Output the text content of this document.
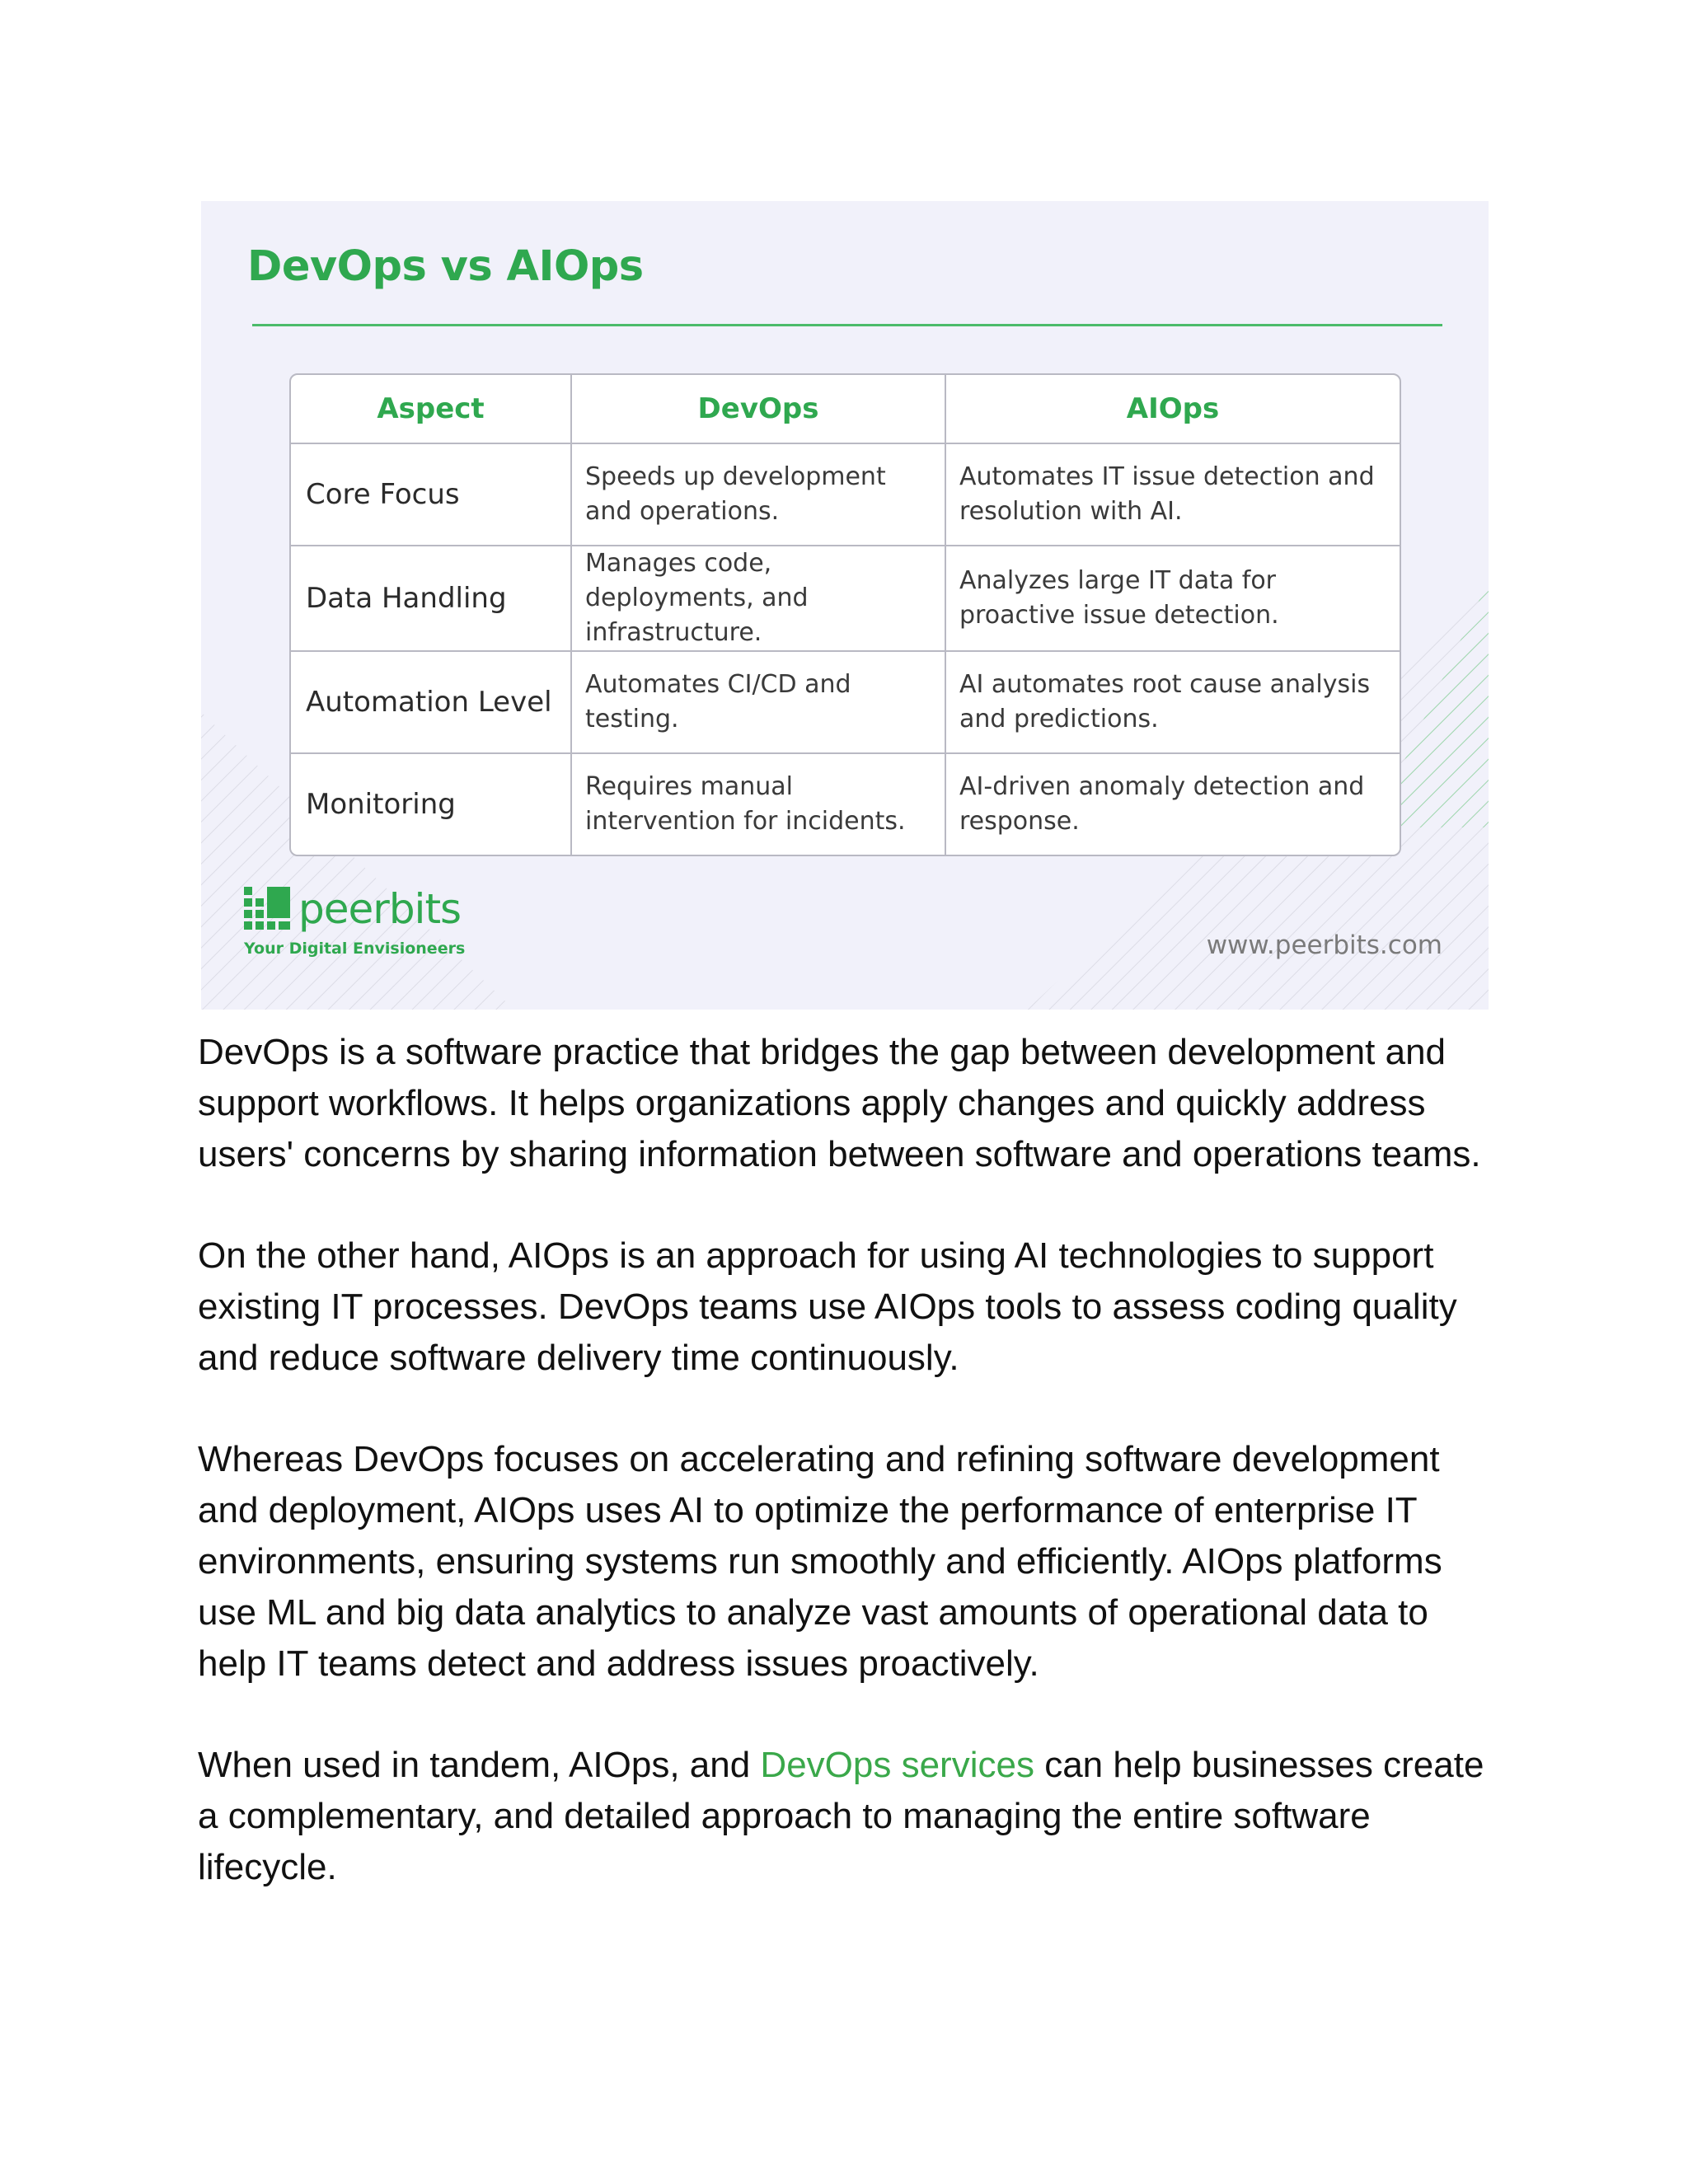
DevOps vs AIOps
Aspect	DevOps	AIOps
Core Focus	Speeds up development and operations.	Automates IT issue detection and resolution with AI.
Data Handling	Manages code, deployments, and infrastructure.	Analyzes large IT data for proactive issue detection.
Automation Level	Automates CI/CD and testing.	AI automates root cause analysis and predictions.
Monitoring	Requires manual intervention for incidents.	AI-driven anomaly detection and response.
peerbits
Your Digital Envisioneers	www.peerbits.com

DevOps is a software practice that bridges the gap between development and support workflows. It helps organizations apply changes and quickly address users' concerns by sharing information between software and operations teams.

On the other hand, AIOps is an approach for using AI technologies to support existing IT processes. DevOps teams use AIOps tools to assess coding quality and reduce software delivery time continuously.

Whereas DevOps focuses on accelerating and refining software development and deployment, AIOps uses AI to optimize the performance of enterprise IT environments, ensuring systems run smoothly and efficiently. AIOps platforms use ML and big data analytics to analyze vast amounts of operational data to help IT teams detect and address issues proactively.

When used in tandem, AIOps, and DevOps services can help businesses create a complementary, and detailed approach to managing the entire software lifecycle.
